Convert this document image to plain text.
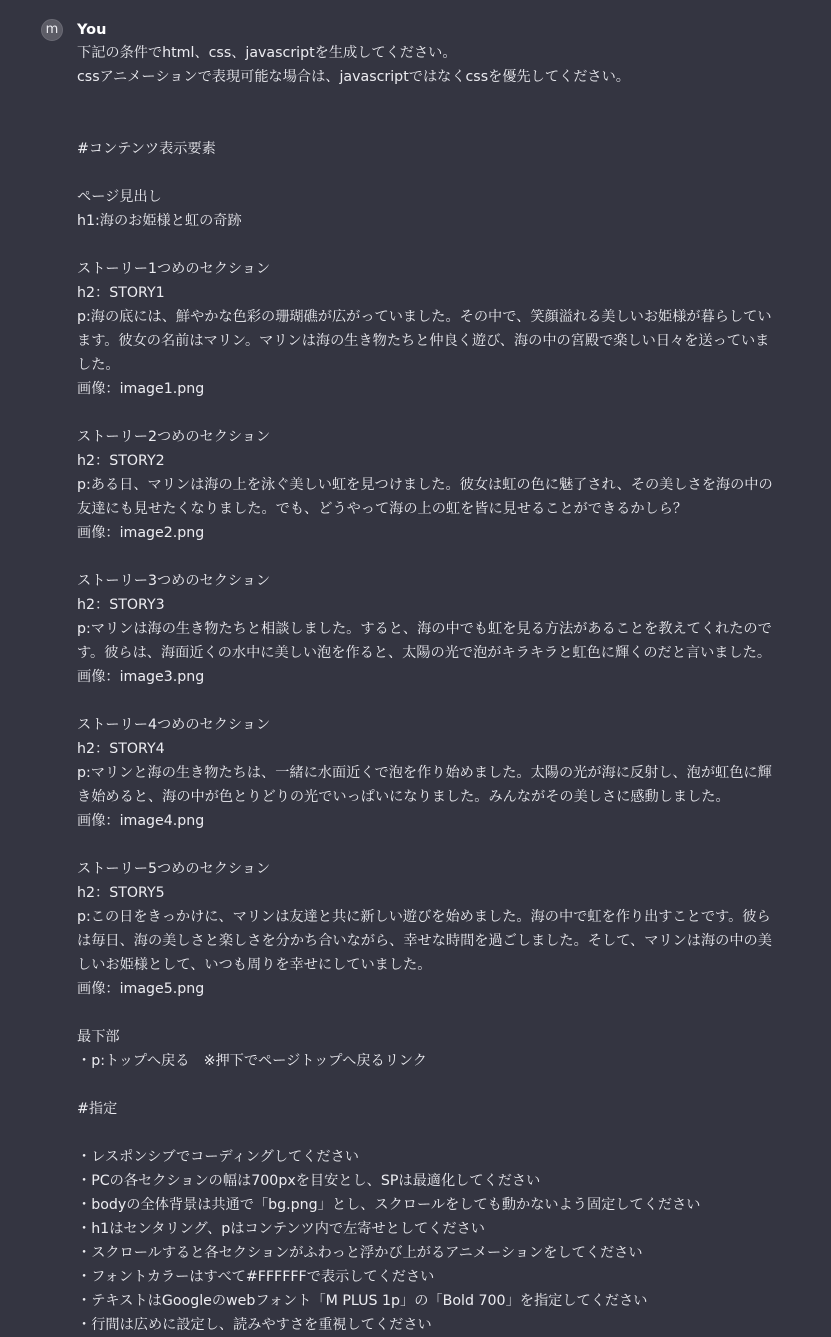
m	You
下記の条件でhtml、css、javascriptを生成してください。
cssアニメーションで表現可能な場合は、javascriptではなくcssを優先してください。
#コンテンツ表示要素
ページ見出し
h1:海のお姫様と虹の奇跡
ストーリー1つめのセクション
h2：STORY1
p:海の底には、鮮やかな色彩の珊瑚礁が広がっていました。その中で、笑顔溢れる美しいお姫様が暮らしています。彼女の名前はマリン。マリンは海の生き物たちと仲良く遊び、海の中の宮殿で楽しい日々を送っていました。
画像：image1.png
ストーリー2つめのセクション
h2：STORY2
p:ある日、マリンは海の上を泳ぐ美しい虹を見つけました。彼女は虹の色に魅了され、その美しさを海の中の友達にも見せたくなりました。でも、どうやって海の上の虹を皆に見せることができるかしら？
画像：image2.png
ストーリー3つめのセクション
h2：STORY3
p:マリンは海の生き物たちと相談しました。すると、海の中でも虹を見る方法があることを教えてくれたのです。彼らは、海面近くの水中に美しい泡を作ると、太陽の光で泡がキラキラと虹色に輝くのだと言いました。
画像：image3.png
ストーリー4つめのセクション
h2：STORY4
p:マリンと海の生き物たちは、一緒に水面近くで泡を作り始めました。太陽の光が海に反射し、泡が虹色に輝き始めると、海の中が色とりどりの光でいっぱいになりました。みんながその美しさに感動しました。
画像：image4.png
ストーリー5つめのセクション
h2：STORY5
p:この日をきっかけに、マリンは友達と共に新しい遊びを始めました。海の中で虹を作り出すことです。彼らは毎日、海の美しさと楽しさを分かち合いながら、幸せな時間を過ごしました。そして、マリンは海の中の美しいお姫様として、いつも周りを幸せにしていました。
画像：image5.png
最下部
・p:トップへ戻る　※押下でページトップへ戻るリンク
#指定
・レスポンシブでコーディングしてください
・PCの各セクションの幅は700pxを目安とし、SPは最適化してください
・bodyの全体背景は共通で「bg.png」とし、スクロールをしても動かないよう固定してください
・h1はセンタリング、pはコンテンツ内で左寄せとしてください
・スクロールすると各セクションがふわっと浮かび上がるアニメーションをしてください
・フォントカラーはすべて#FFFFFFで表示してください
・テキストはGoogleのwebフォント「M PLUS 1p」の「Bold 700」を指定してください
・行間は広めに設定し、読みやすさを重視してください
